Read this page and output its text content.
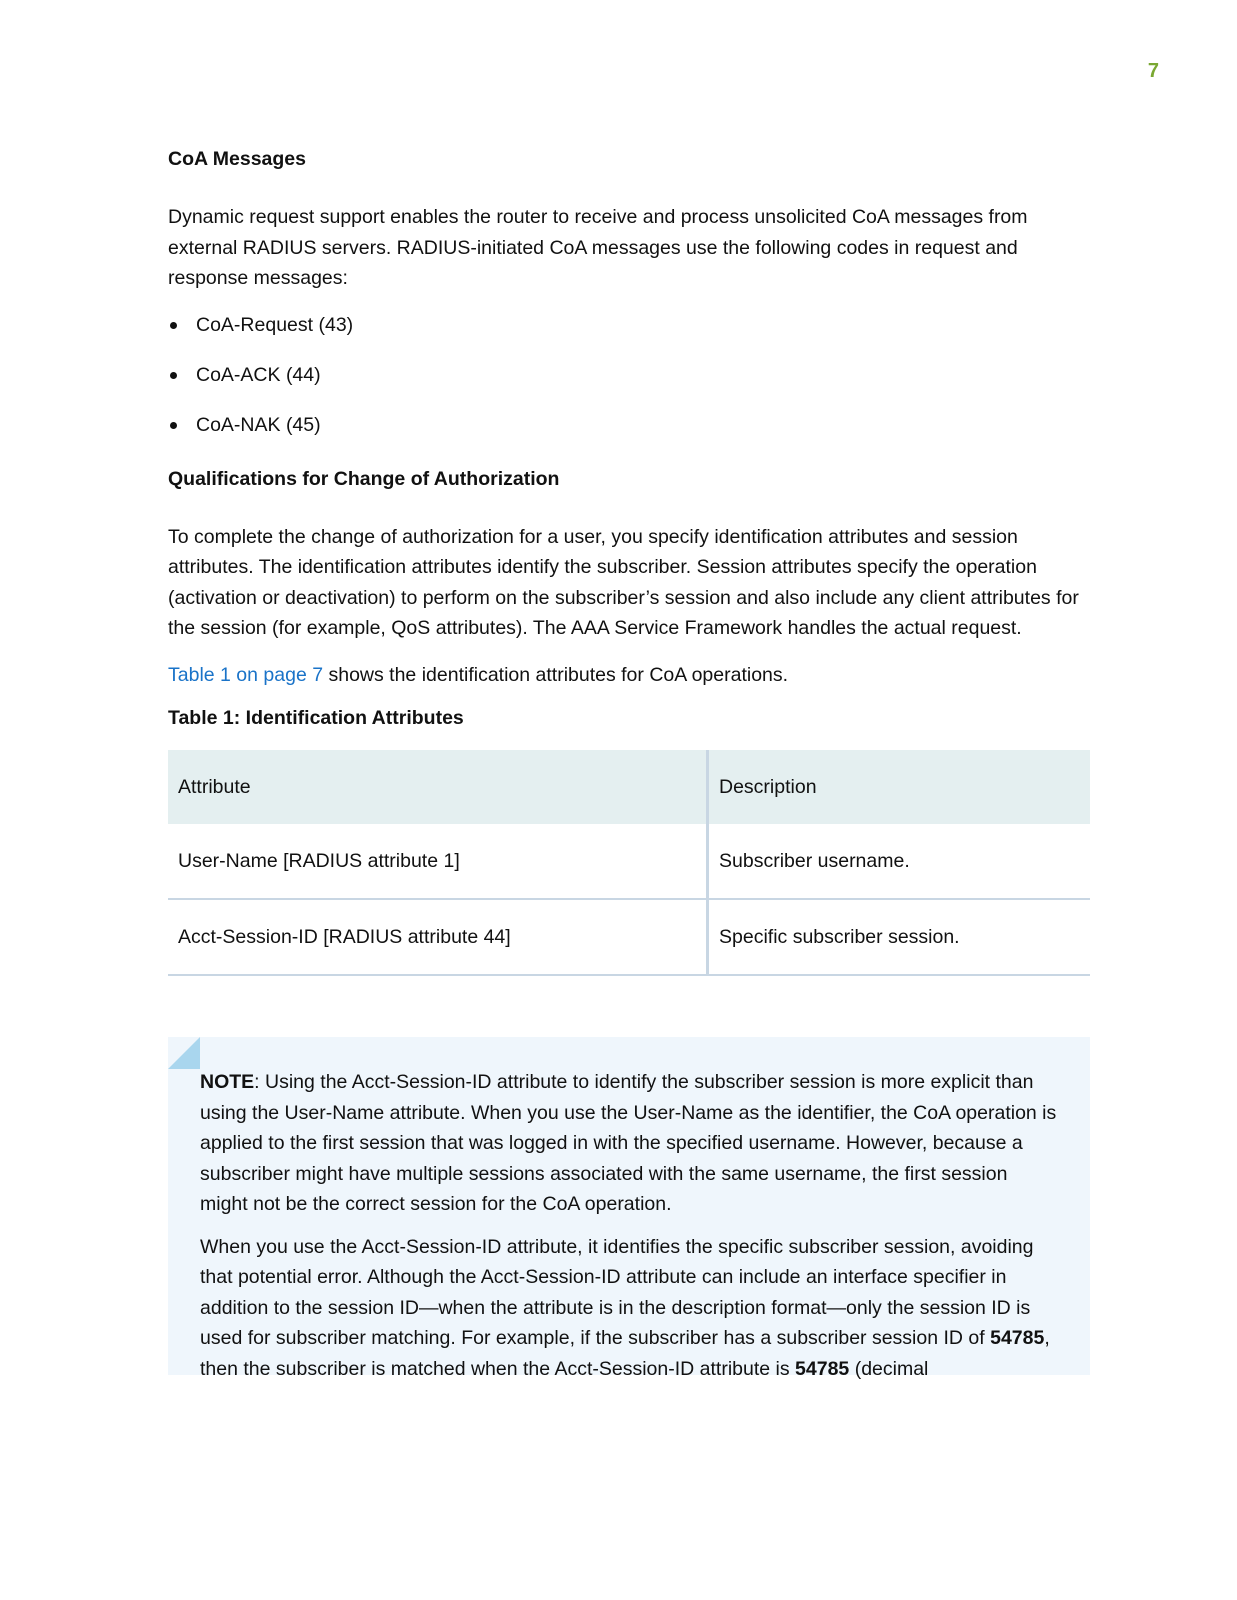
7
CoA Messages

Dynamic request support enables the router to receive and process unsolicited CoA messages from external RADIUS servers. RADIUS-initiated CoA messages use the following codes in request and response messages:

CoA-Request (43)
CoA-ACK (44)
CoA-NAK (45)
Qualifications for Change of Authorization

To complete the change of authorization for a user, you specify identification attributes and session attributes. The identification attributes identify the subscriber. Session attributes specify the operation (activation or deactivation) to perform on the subscriber’s session and also include any client attributes for the session (for example, QoS attributes). The AAA Service Framework handles the actual request.

Table 1 on page 7 shows the identification attributes for CoA operations.

Table 1: Identification Attributes
Attribute	Description
User-Name [RADIUS attribute 1]	Subscriber username.
Acct-Session-ID [RADIUS attribute 44]	Specific subscriber session.

NOTE: Using the Acct-Session-ID attribute to identify the subscriber session is more explicit than using the User-Name attribute. When you use the User-Name as the identifier, the CoA operation is applied to the first session that was logged in with the specified username. However, because a subscriber might have multiple sessions associated with the same username, the first session might not be the correct session for the CoA operation.

When you use the Acct-Session-ID attribute, it identifies the specific subscriber session, avoiding that potential error. Although the Acct-Session-ID attribute can include an interface specifier in addition to the session ID—when the attribute is in the description format—only the session ID is used for subscriber matching. For example, if the subscriber has a subscriber session ID of 54785, then the subscriber is matched when the Acct-Session-ID attribute is 54785 (decimal
